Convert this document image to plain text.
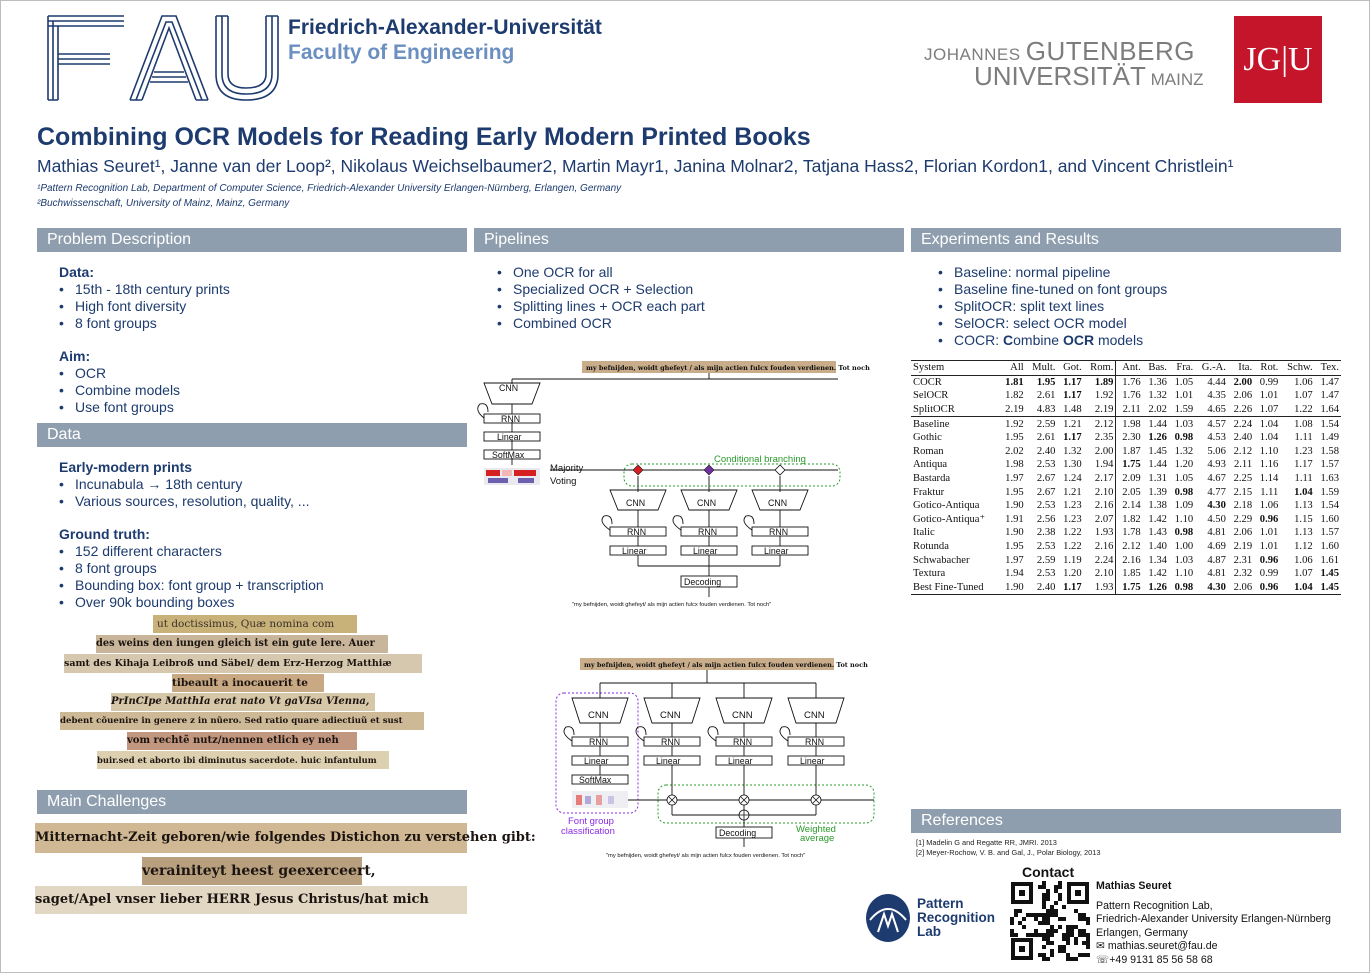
FAU
Friedrich-Alexander-Universität
Faculty of Engineering	JOHANNES GUTENBERG
UNIVERSITÄT MAINZ
JG|U
Combining OCR Models for Reading Early Modern Printed Books
Mathias Seuret¹, Janne van der Loop², Nikolaus Weichselbaumer2, Martin Mayr1, Janina Molnar2, Tatjana Hass2, Florian Kordon1, and Vincent Christlein¹
¹Pattern Recognition Lab, Department of Computer Science, Friedrich-Alexander University Erlangen-Nürnberg, Erlangen, Germany
²Buchwissenschaft, University of Mainz, Mainz, Germany
Problem Description
Data:
• 15th - 18th century prints
• High font diversity
• 8 font groups
Aim:
• OCR
• Combine models
• Use font groups
Data
Early-modern prints
• Incunabula → 18th century
• Various sources, resolution, quality, ...
Ground truth:
• 152 different characters
• 8 font groups
• Bounding box: font group + transcription
• Over 90k bounding boxes
ut doctissimus, Quæ nomina com
des weins den iungen gleich ist ein gute lere. Auer
samt des Kihaja Leibroß und Säbel/ dem Erz-Herzog Matthiæ
tibeault a inocauerit te
PrInCIpe MatthIa erat nato Vt gaVIsa VIenna,
debent cõuenire in genere z in nũero. Sed ratio quare adiectiuũ et sust
vom rechtẽ nutz/nennen etlich ey neh
buir.sed et aborto ibi diminutus sacerdote. huic infantulum
Main Challenges
Mitternacht-Zeit geboren/wie folgendes Distichon zu verstehen gibt:
verainiteyt heest geexerceert,
saget/Apel vnser lieber HERR Jesus Christus/hat mich
Pipelines
• One OCR for all
• Specialized OCR + Selection
• Splitting lines + OCR each part
• Combined OCR
my befnijden, woidt ghefeyt / als mijn actien fulcx fouden verdienen. Tot noch
CNN
RNN
Linear
SoftMax
Majority
Voting
Conditional branching
CNN	CNN	CNN
RNN	RNN	RNN
Linear	Linear	Linear
Decoding
"my befnijden, woidt ghefeyt/ als mijn actien fulcx fouden verdienen. Tot noch"
my befnijden, woidt ghefeyt / als mijn actien fulcx fouden verdienen. Tot noch
CNN	CNN	CNN	CNN
RNN	RNN	RNN	RNN
Linear	Linear	Linear	Linear
SoftMax
Font group
classification	Weighted
average
Decoding
"my befnijden, woidt ghefeyt/ als mijn actien fulcx fouden verdienen. Tot noch"
Experiments and Results
• Baseline: normal pipeline
• Baseline fine-tuned on font groups
• SplitOCR: split text lines
• SelOCR: select OCR model
• COCR: Combine OCR models
System	All	Mult.	Got.	Rom.	Ant.	Bas.	Fra.	G.-A.	Ita.	Rot.	Schw.	Tex.
COCR	1.81	1.95	1.17	1.89	1.76	1.36	1.05	4.44	2.00	0.99	1.06	1.47
SelOCR	1.82	2.61	1.17	1.92	1.76	1.32	1.01	4.35	2.06	1.01	1.07	1.47
SplitOCR	2.19	4.83	1.48	2.19	2.11	2.02	1.59	4.65	2.26	1.07	1.22	1.64
Baseline	1.92	2.59	1.21	2.12	1.98	1.44	1.03	4.57	2.24	1.04	1.08	1.54
Gothic	1.95	2.61	1.17	2.35	2.30	1.26	0.98	4.53	2.40	1.04	1.11	1.49
Roman	2.02	2.40	1.32	2.00	1.87	1.45	1.32	5.06	2.12	1.10	1.23	1.58
Antiqua	1.98	2.53	1.30	1.94	1.75	1.44	1.20	4.93	2.11	1.16	1.17	1.57
Bastarda	1.97	2.67	1.24	2.17	2.09	1.31	1.05	4.67	2.25	1.14	1.11	1.63
Fraktur	1.95	2.67	1.21	2.10	2.05	1.39	0.98	4.77	2.15	1.11	1.04	1.59
Gotico-Antiqua	1.90	2.53	1.23	2.16	2.14	1.38	1.09	4.30	2.18	1.06	1.13	1.54
Gotico-Antiqua⁺	1.91	2.56	1.23	2.07	1.82	1.42	1.10	4.50	2.29	0.96	1.15	1.60
Italic	1.90	2.38	1.22	1.93	1.78	1.43	0.98	4.81	2.06	1.01	1.13	1.57
Rotunda	1.95	2.53	1.22	2.16	2.12	1.40	1.00	4.69	2.19	1.01	1.12	1.60
Schwabacher	1.97	2.59	1.19	2.24	2.16	1.34	1.03	4.87	2.31	0.96	1.06	1.61
Textura	1.94	2.53	1.20	2.10	1.85	1.42	1.10	4.81	2.32	0.99	1.07	1.45
Best Fine-Tuned	1.90	2.40	1.17	1.93	1.75	1.26	0.98	4.30	2.06	0.96	1.04	1.45
References
[1] Madelin G and Regatte RR, JMRI. 2013
[2] Meyer-Rochow, V. B. and Gal, J., Polar Biology, 2013
Contact
Pattern
Recognition
Lab
Mathias Seuret
Pattern Recognition Lab,
Friedrich-Alexander University Erlangen-Nürnberg
Erlangen, Germany
✉ mathias.seuret@fau.de
☏+49 9131 85 56 58 68
